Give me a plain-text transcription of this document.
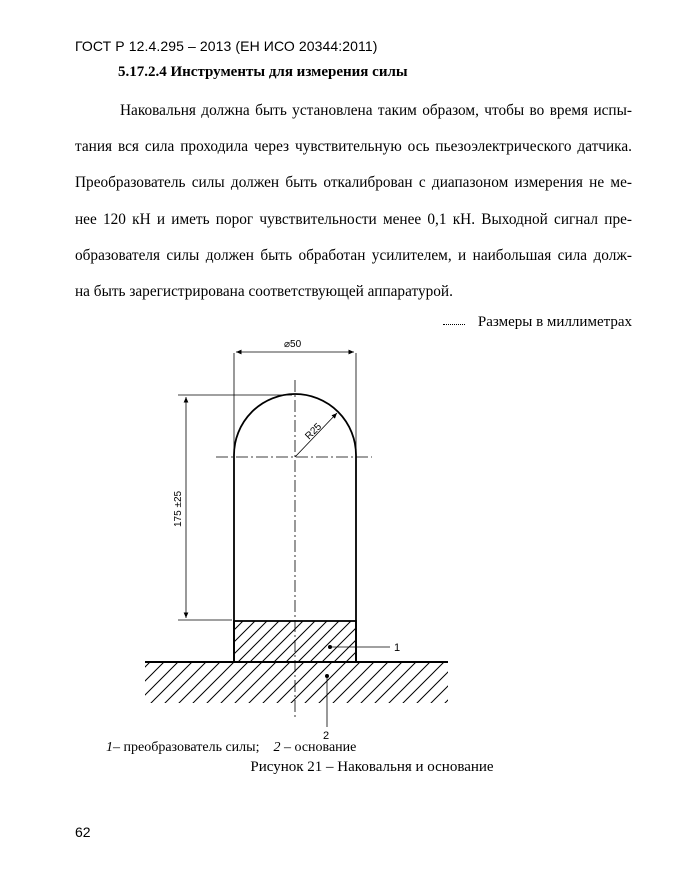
ГОСТ Р 12.4.295 – 2013 (ЕН ИСО 20344:2011)
5.17.2.4 Инструменты для измерения силы
Наковальня должна быть установлена таким образом, чтобы во время испы-
тания вся сила проходила через чувствительную ось пьезоэлектрического датчика.
Преобразователь силы должен быть откалиброван с диапазоном измерения не ме-
нее 120 кН и иметь порог чувствительности менее 0,1 кН. Выходной сигнал пре-
образователя силы должен быть обработан усилителем, и наибольшая сила долж-
на быть зарегистрирована соответствующей аппаратурой.
Размеры в миллиметрах
⌀50
R25
175 ±25
1
2
1– преобразователь силы; 2 – основание
Рисунок 21 – Наковальня и основание
62
